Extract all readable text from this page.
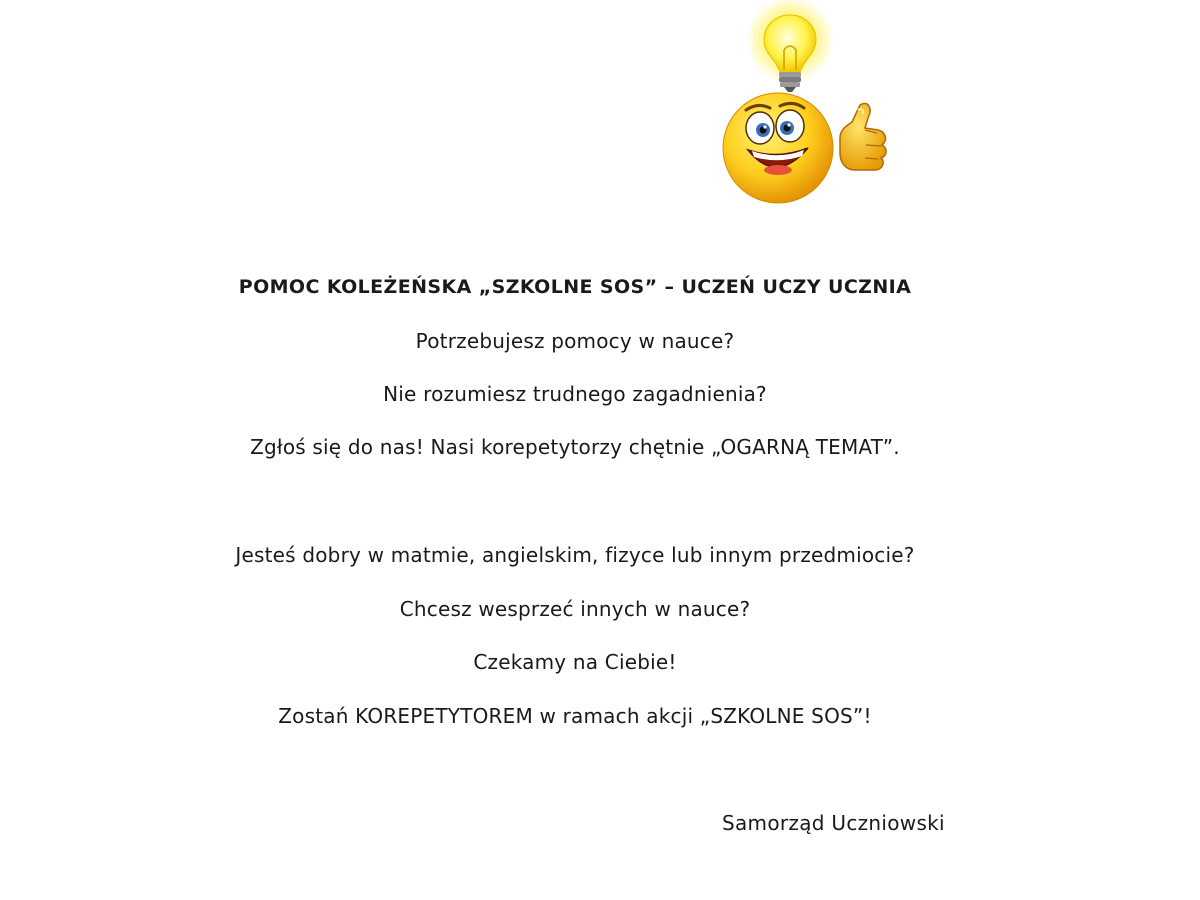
POMOC KOLEŻEŃSKA „SZKOLNE SOS” – UCZEŃ UCZY UCZNIA
Potrzebujesz pomocy w nauce?
Nie rozumiesz trudnego zagadnienia?
Zgłoś się do nas! Nasi korepetytorzy chętnie „OGARNĄ TEMAT”.
Jesteś dobry w matmie, angielskim, fizyce lub innym przedmiocie?
Chcesz wesprzeć innych w nauce?
Czekamy na Ciebie!
Zostań KOREPETYTOREM w ramach akcji „SZKOLNE SOS”!
Samorząd Uczniowski
